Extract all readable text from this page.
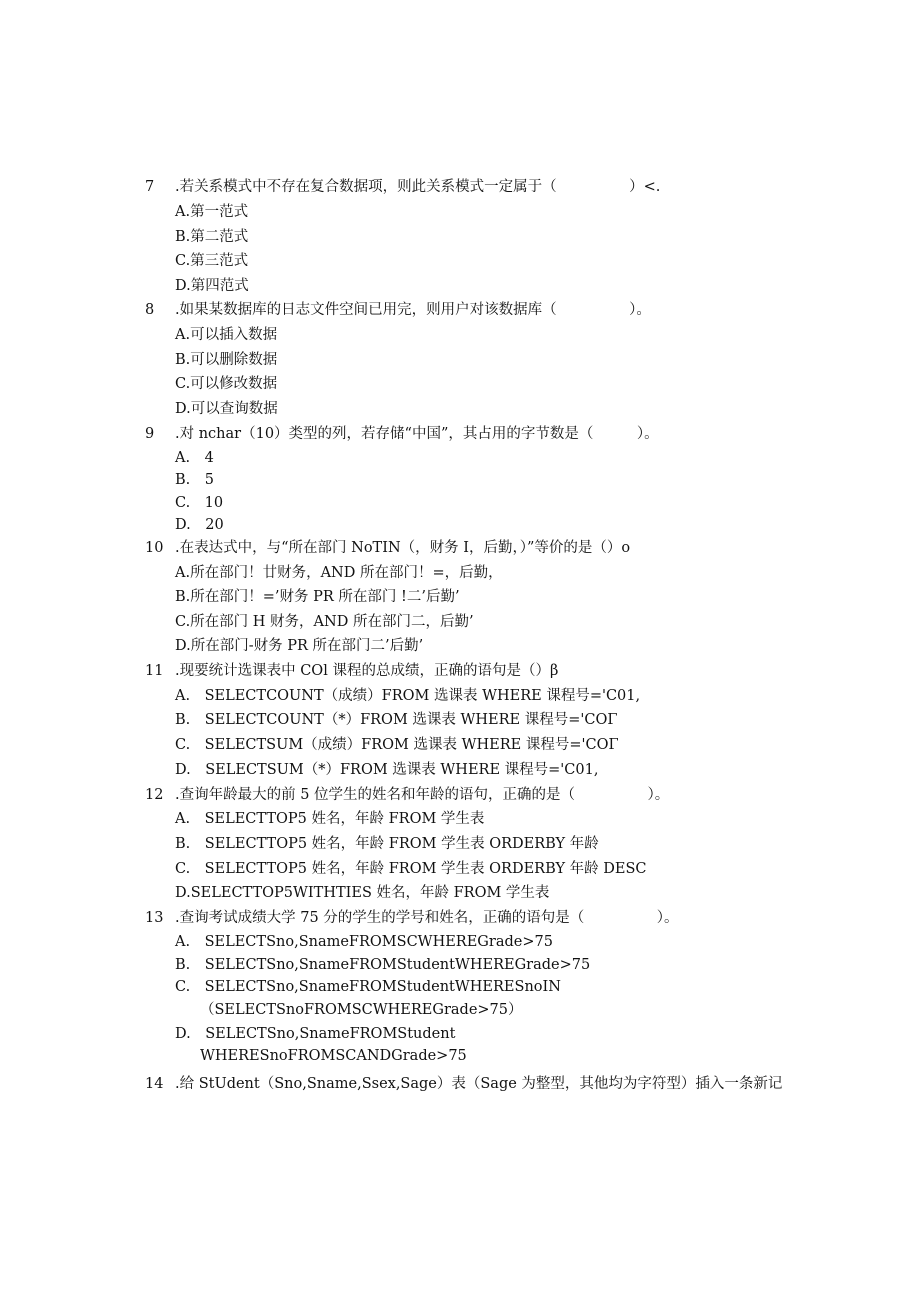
7 .若关系模式中不存在复合数据项，则此关系模式一定属于（　　　　　）<.
A.第一范式
B.第二范式
C.第三范式
D.第四范式
8 .如果某数据库的日志文件空间已用完，则用户对该数据库（　　　　　）。
A.可以插入数据
B.可以删除数据
C.可以修改数据
D.可以查询数据
9 .对 nchar（10）类型的列，若存储“中国”，其占用的字节数是（　　　）。
A.　4
B.　5
C.　10
D.　20
10 .在表达式中，与“所在部门 NoTIN（，财务 I，后勤，）”等价的是（）o
A.所在部门！廿财务，AND 所在部门！=，后勤，
B.所在部门！=’财务 PR 所在部门 !二’后勤’
C.所在部门 H 财务，AND 所在部门二，后勤’
D.所在部门-财务 PR 所在部门二’后勤’
11 .现要统计选课表中 COl 课程的总成绩，正确的语句是（）β
A.　SELECTCOUNT（成绩）FROM 选课表 WHERE 课程号='C01,
B.　SELECTCOUNT（*）FROM 选课表 WHERE 课程号='COΓ
C.　SELECTSUM（成绩）FROM 选课表 WHERE 课程号='COΓ
D.　SELECTSUM（*）FROM 选课表 WHERE 课程号='C01,
12 .查询年龄最大的前 5 位学生的姓名和年龄的语句，正确的是（　　　　　）。
A.　SELECTTOP5 姓名，年龄 FROM 学生表
B.　SELECTTOP5 姓名，年龄 FROM 学生表 ORDERBY 年龄
C.　SELECTTOP5 姓名，年龄 FROM 学生表 ORDERBY 年龄 DESC
D.SELECTTOP5WITHTIES 姓名，年龄 FROM 学生表
13 .查询考试成绩大学 75 分的学生的学号和姓名，正确的语句是（　　　　　）。
A.　SELECTSno,SnameFROMSCWHEREGrade>75
B.　SELECTSno,SnameFROMStudentWHEREGrade>75
C.　SELECTSno,SnameFROMStudentWHERESnoIN
（SELECTSnoFROMSCWHEREGrade>75）
D.　SELECTSno,SnameFROMStudent
WHERESnoFROMSCANDGrade>75
14 .给 StUdent（Sno,Sname,Ssex,Sage）表（Sage 为整型，其他均为字符型）插入一条新记
